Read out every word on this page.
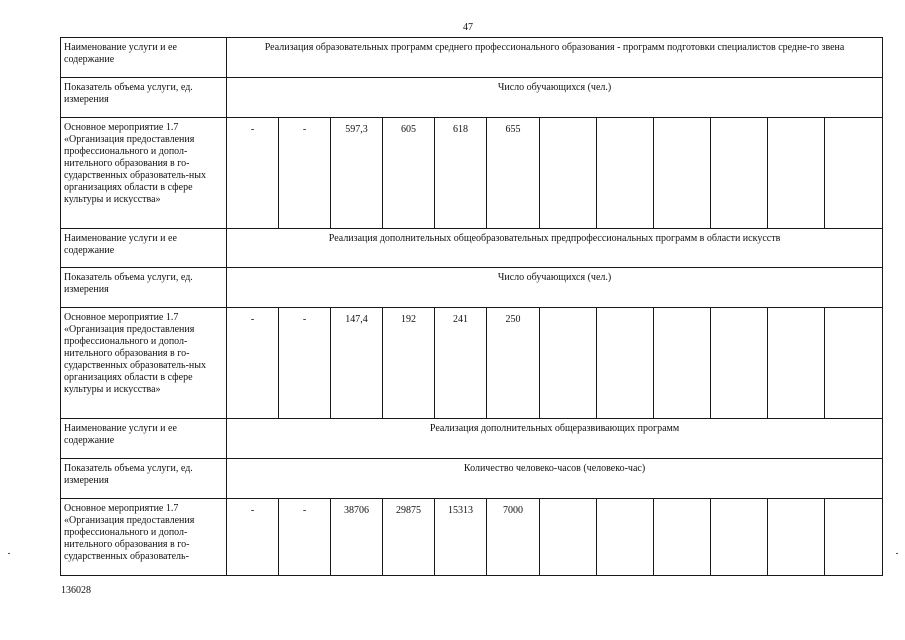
47
Наименование услуги и ее содержание	Реализация образовательных программ среднего профессионального образования - программ подготовки специалистов средне-го звена											
Показатель объема услуги, ед. измерения	Число обучающихся (чел.)											
Основное мероприятие 1.7 «Организация предоставления профессионального и допол-нительного образования в го-сударственных образователь-ных организациях области в сфере культуры и искусства»	-	-	597,3	605	618	655						
Наименование услуги и ее содержание	Реализация дополнительных общеобразовательных предпрофессиональных программ в области искусств											
Показатель объема услуги, ед. измерения	Число обучающихся (чел.)											
Основное мероприятие 1.7 «Организация предоставления профессионального и допол-нительного образования в го-сударственных образователь-ных организациях области в сфере культуры и искусства»	-	-	147,4	192	241	250						
Наименование услуги и ее содержание	Реализация дополнительных общеразвивающих программ											
Показатель объема услуги, ед. измерения	Количество человеко-часов (человеко-час)											
Основное мероприятие 1.7 «Организация предоставления профессионального и допол-нительного образования в го-сударственных образователь-	-	-	38706	29875	15313	7000						
136028
